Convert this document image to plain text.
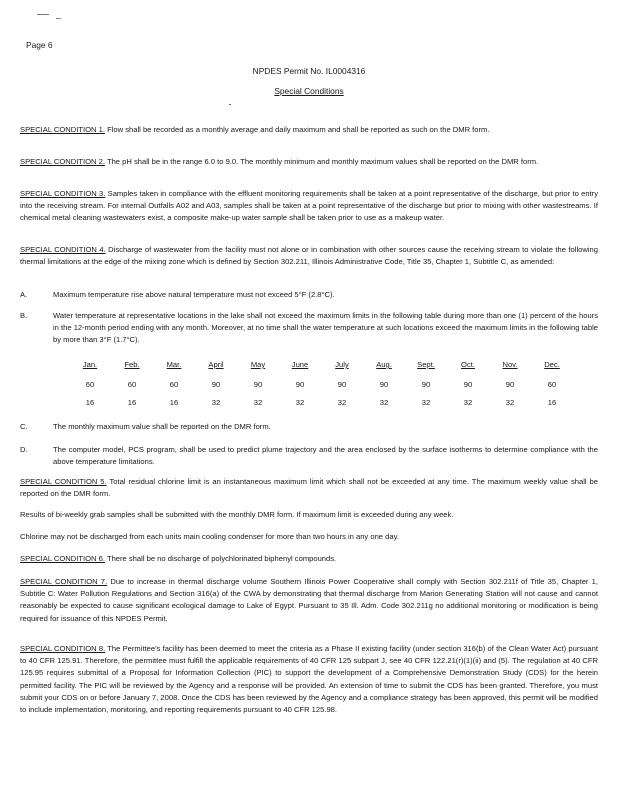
Page 6
NPDES Permit No. IL0004316
Special Conditions
SPECIAL CONDITION 1. Flow shall be recorded as a monthly average and daily maximum and shall be reported as such on the DMR form.
SPECIAL CONDITION 2. The pH shall be in the range 6.0 to 9.0. The monthly minimum and monthly maximum values shall be reported on the DMR form.
SPECIAL CONDITION 3. Samples taken in compliance with the effluent monitoring requirements shall be taken at a point representative of the discharge, but prior to entry into the receiving stream. For internal Outfalls A02 and A03, samples shall be taken at a point representative of the discharge but prior to mixing with other wastestreams. If chemical metal cleaning wastewaters exist, a composite make-up water sample shall be taken prior to use as a makeup water.
SPECIAL CONDITION 4. Discharge of wastewater from the facility must not alone or in combination with other sources cause the receiving stream to violate the following thermal limitations at the edge of the mixing zone which is defined by Section 302.211, Illinois Administrative Code, Title 35, Chapter 1, Subtitle C, as amended:
A.	Maximum temperature rise above natural temperature must not exceed 5°F (2.8°C).
B.	Water temperature at representative locations in the lake shall not exceed the maximum limits in the following table during more than one (1) percent of the hours in the 12-month period ending with any month. Moreover, at no time shall the water temperature at such locations exceed the maximum limits in the following table by more than 3°F (1.7°C).
Jan.	Feb.	Mar.	April	May	June	July	Aug.	Sept.	Oct.	Nov.	Dec.
60	60	60	90	90	90	90	90	90	90	90	60
16	16	16	32	32	32	32	32	32	32	32	16
C.	The monthly maximum value shall be reported on the DMR form.
D.	The computer model, PCS program, shall be used to predict plume trajectory and the area enclosed by the surface isotherms to determine compliance with the above temperature limitations.
SPECIAL CONDITION 5. Total residual chlorine limit is an instantaneous maximum limit which shall not be exceeded at any time. The maximum weekly value shall be reported on the DMR form.
Results of bi-weekly grab samples shall be submitted with the monthly DMR form. If maximum limit is exceeded during any week.
Chlorine may not be discharged from each units main cooling condenser for more than two hours in any one day.
SPECIAL CONDITION 6. There shall be no discharge of polychlorinated biphenyl compounds.
SPECIAL CONDITION 7. Due to increase in thermal discharge volume Southern Illinois Power Cooperative shall comply with Section 302.211f of Title 35, Chapter 1, Subtitle C: Water Pollution Regulations and Section 316(a) of the CWA by demonstrating that thermal discharge from Marion Generating Station will not cause and cannot reasonably be expected to cause significant ecological damage to Lake of Egypt. Pursuant to 35 Ill. Adm. Code 302.211g no additional monitoring or modification is being required for issuance of this NPDES Permit.
SPECIAL CONDITION 8. The Permittee's facility has been deemed to meet the criteria as a Phase II existing facility (under section 316(b) of the Clean Water Act) pursuant to 40 CFR 125.91. Therefore, the permittee must fulfill the applicable requirements of 40 CFR 125 subpart J, see 40 CFR 122.21(r)(1)(ii) and (5). The regulation at 40 CFR 125.95 requires submittal of a Proposal for Information Collection (PIC) to support the development of a Comprehensive Demonstration Study (CDS) for the herein permitted facility. The PIC will be reviewed by the Agency and a response will be provided. An extension of time to submit the CDS has been granted. Therefore, you must submit your CDS on or before January 7, 2008. Once the CDS has been reviewed by the Agency and a compliance strategy has been approved, this permit will be modified to include implementation, monitoring, and reporting requirements pursuant to 40 CFR 125.98.
